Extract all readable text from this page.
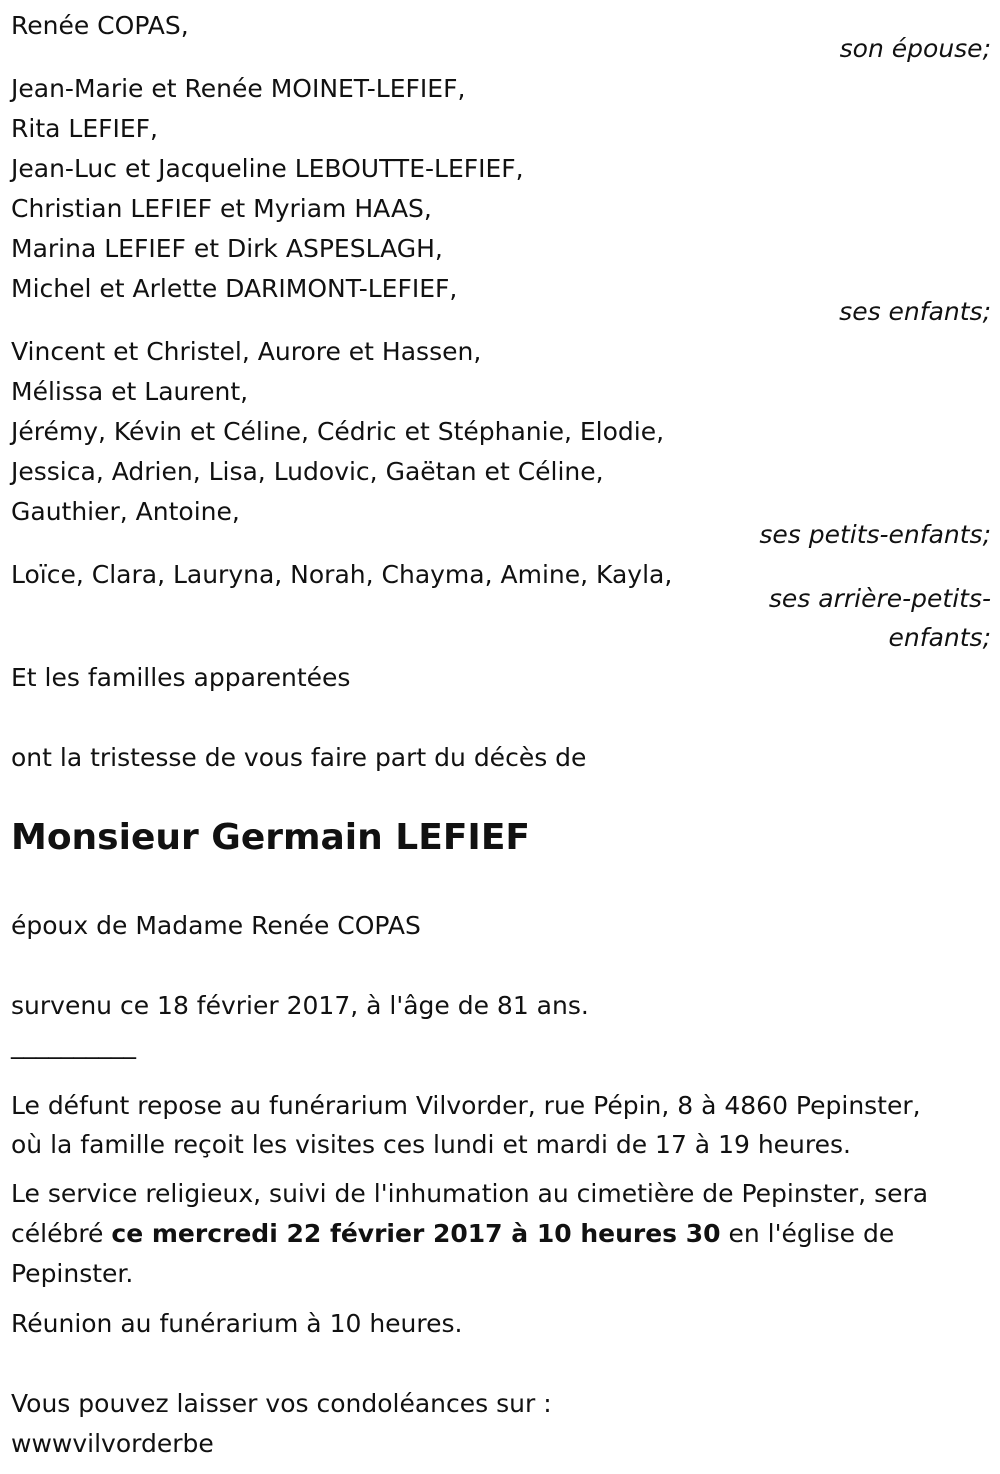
Renée COPAS,
son épouse;
Jean-Marie et Renée MOINET-LEFIEF,
Rita LEFIEF,
Jean-Luc et Jacqueline LEBOUTTE-LEFIEF,
Christian LEFIEF et Myriam HAAS,
Marina LEFIEF et Dirk ASPESLAGH,
Michel et Arlette DARIMONT-LEFIEF,
ses enfants;
Vincent et Christel, Aurore et Hassen,
Mélissa et Laurent,
Jérémy, Kévin et Céline, Cédric et Stéphanie, Elodie,
Jessica, Adrien, Lisa, Ludovic, Gaëtan et Céline,
Gauthier, Antoine,
ses petits-enfants;
Loïce, Clara, Lauryna, Norah, Chayma, Amine, Kayla,
ses arrière-petits-
enfants;
Et les familles apparentées
ont la tristesse de vous faire part du décès de
Monsieur Germain LEFIEF
époux de Madame Renée COPAS
survenu ce 18 février 2017, à l'âge de 81 ans.
__________
Le défunt repose au funérarium Vilvorder, rue Pépin, 8 à 4860 Pepinster,
où la famille reçoit les visites ces lundi et mardi de 17 à 19 heures.
Le service religieux, suivi de l'inhumation au cimetière de Pepinster, sera
célébré ce mercredi 22 février 2017 à 10 heures 30 en l'église de
Pepinster.
Réunion au funérarium à 10 heures.
Vous pouvez laisser vos condoléances sur :
wwwvilvorderbe
